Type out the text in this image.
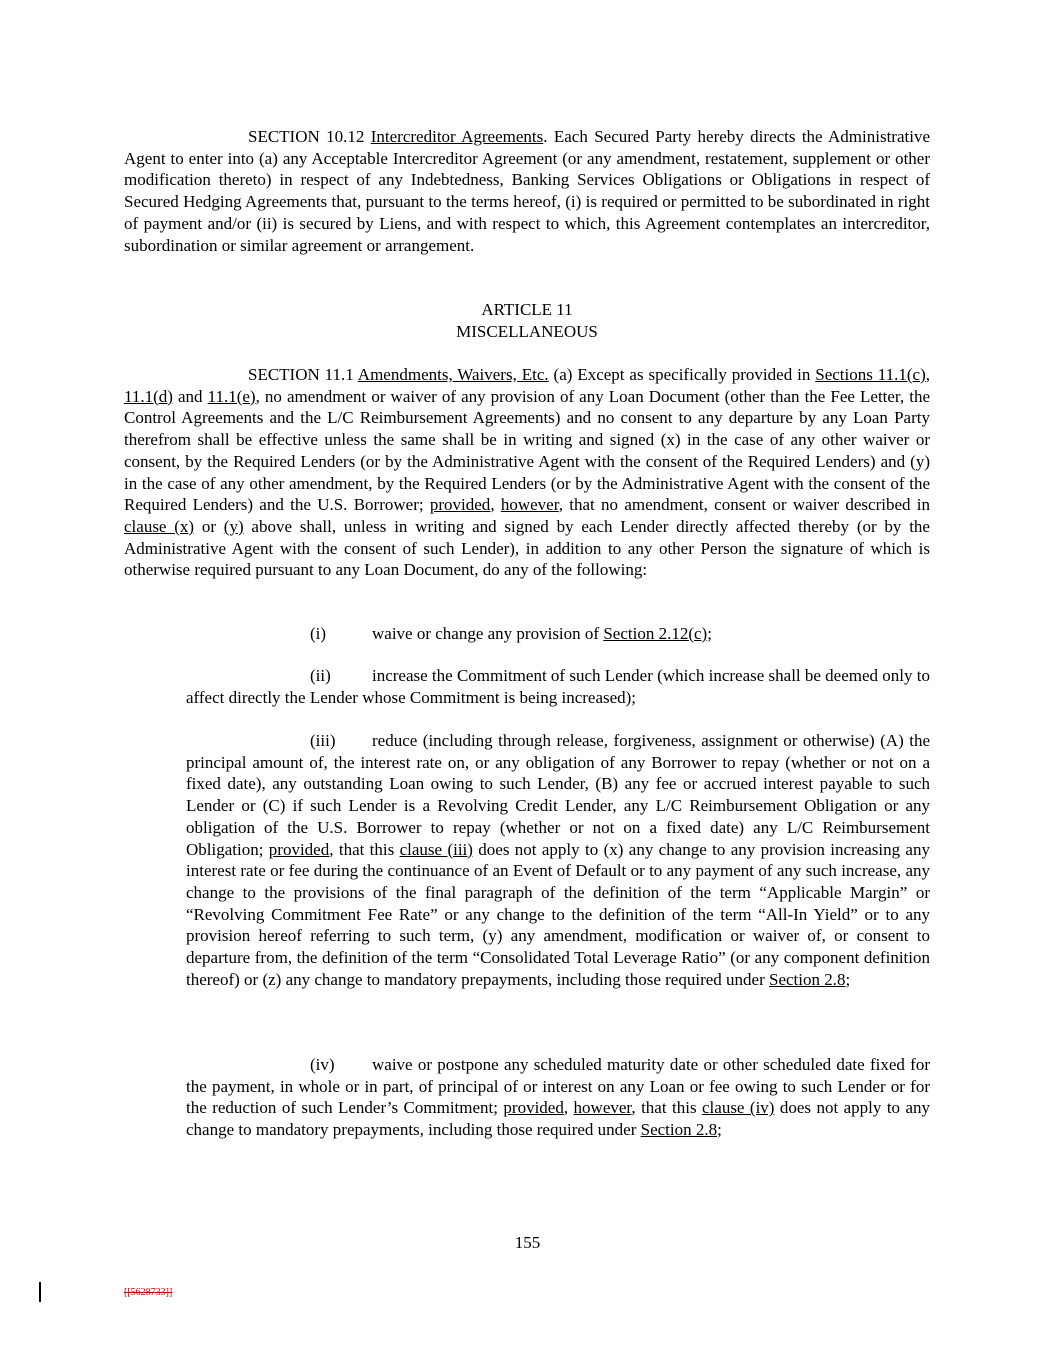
SECTION 10.12 Intercreditor Agreements. Each Secured Party hereby directs the Administrative Agent to enter into (a) any Acceptable Intercreditor Agreement (or any amendment, restatement, supplement or other modification thereto) in respect of any Indebtedness, Banking Services Obligations or Obligations in respect of Secured Hedging Agreements that, pursuant to the terms hereof, (i) is required or permitted to be subordinated in right of payment and/or (ii) is secured by Liens, and with respect to which, this Agreement contemplates an intercreditor, subordination or similar agreement or arrangement.

ARTICLE 11

MISCELLANEOUS

SECTION 11.1 Amendments, Waivers, Etc. (a) Except as specifically provided in Sections 11.1(c), 11.1(d) and 11.1(e), no amendment or waiver of any provision of any Loan Document (other than the Fee Letter, the Control Agreements and the L/C Reimbursement Agreements) and no consent to any departure by any Loan Party therefrom shall be effective unless the same shall be in writing and signed (x) in the case of any other waiver or consent, by the Required Lenders (or by the Administrative Agent with the consent of the Required Lenders) and (y) in the case of any other amendment, by the Required Lenders (or by the Administrative Agent with the consent of the Required Lenders) and the U.S. Borrower; provided, however, that no amendment, consent or waiver described in clause (x) or (y) above shall, unless in writing and signed by each Lender directly affected thereby (or by the Administrative Agent with the consent of such Lender), in addition to any other Person the signature of which is otherwise required pursuant to any Loan Document, do any of the following:

(i)	waive or change any provision of Section 2.12(c);

(ii) increase the Commitment of such Lender (which increase shall be deemed only to affect directly the Lender whose Commitment is being increased);

(iii) reduce (including through release, forgiveness, assignment or otherwise) (A) the principal amount of, the interest rate on, or any obligation of any Borrower to repay (whether or not on a fixed date), any outstanding Loan owing to such Lender, (B) any fee or accrued interest payable to such Lender or (C) if such Lender is a Revolving Credit Lender, any L/C Reimbursement Obligation or any obligation of the U.S. Borrower to repay (whether or not on a fixed date) any L/C Reimbursement Obligation; provided, that this clause (iii) does not apply to (x) any change to any provision increasing any interest rate or fee during the continuance of an Event of Default or to any payment of any such increase, any change to the provisions of the final paragraph of the definition of the term “Applicable Margin” or “Revolving Commitment Fee Rate” or any change to the definition of the term “All-In Yield” or to any provision hereof referring to such term, (y) any amendment, modification or waiver of, or consent to departure from, the definition of the term “Consolidated Total Leverage Ratio” (or any component definition thereof) or (z) any change to mandatory prepayments, including those required under Section 2.8;

(iv) waive or postpone any scheduled maturity date or other scheduled date fixed for the payment, in whole or in part, of principal of or interest on any Loan or fee owing to such Lender or for the reduction of such Lender’s Commitment; provided, however, that this clause (iv) does not apply to any change to mandatory prepayments, including those required under Section 2.8;

155
[[5628733]]
